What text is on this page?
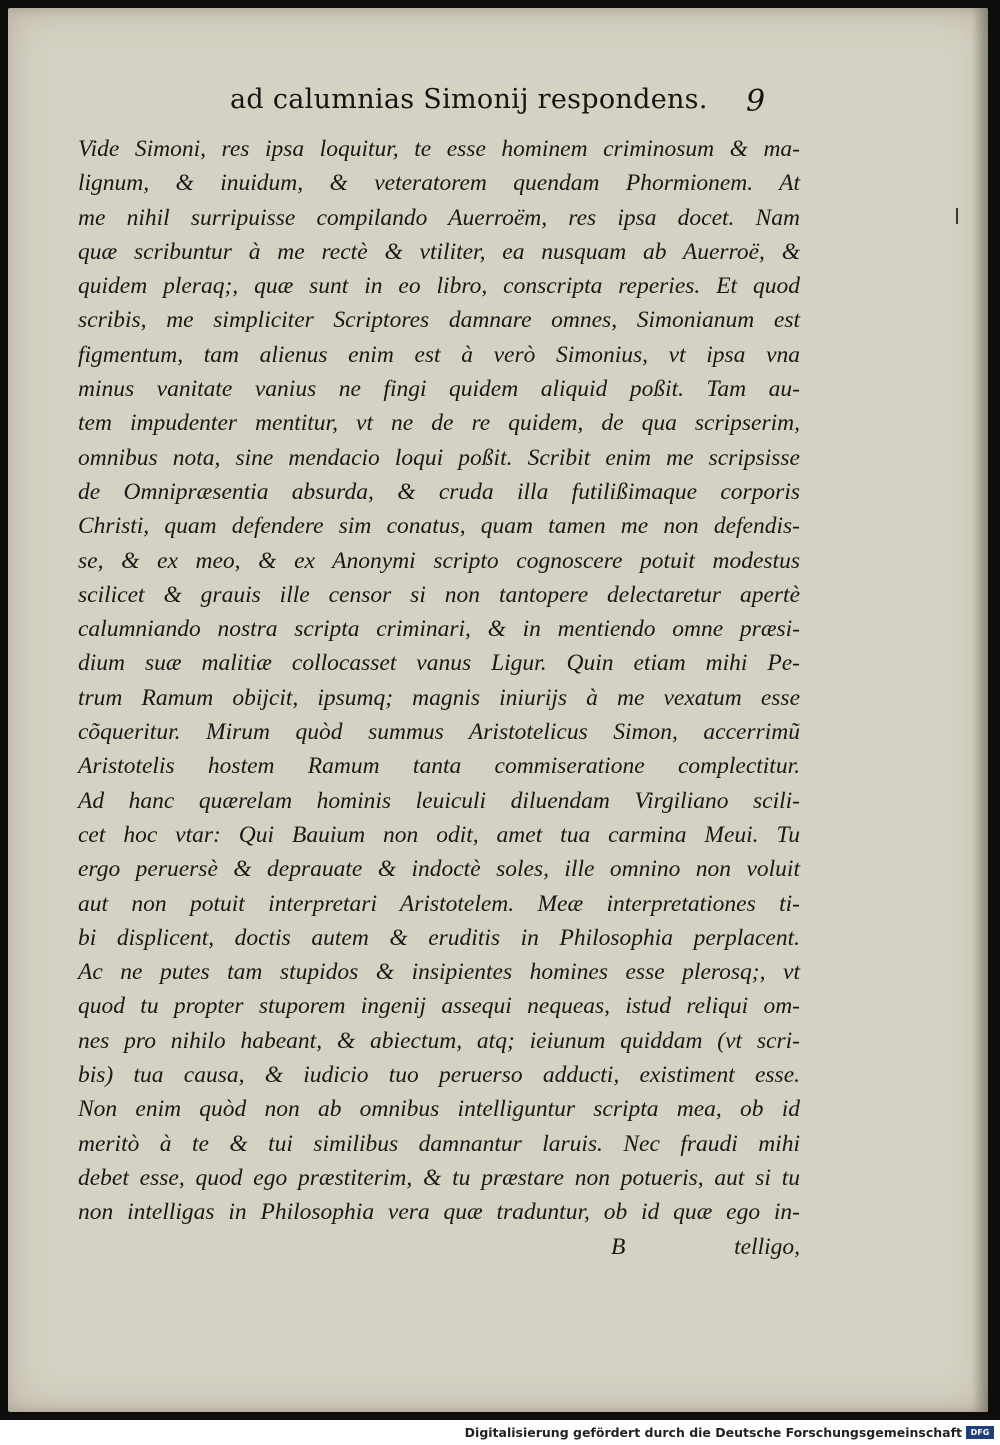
ad calumnias Simonij respondens. 9
Vide Simoni, res ipsa loquitur, te esse hominem criminosum & ma-
lignum, & inuidum, & veteratorem quendam Phormionem. At
me nihil surripuisse compilando Auerroëm, res ipsa docet. Nam
quæ scribuntur à me rectè & vtiliter, ea nusquam ab Auerroë, &
quidem pleraq;, quæ sunt in eo libro, conscripta reperies. Et quod
scribis, me simpliciter Scriptores damnare omnes, Simonianum est
figmentum, tam alienus enim est à verò Simonius, vt ipsa vna
minus vanitate vanius ne fingi quidem aliquid poßit. Tam au-
tem impudenter mentitur, vt ne de re quidem, de qua scripserim,
omnibus nota, sine mendacio loqui poßit. Scribit enim me scripsisse
de Omnipræsentia absurda, & cruda illa futilißimaque corporis
Christi, quam defendere sim conatus, quam tamen me non defendis-
se, & ex meo, & ex Anonymi scripto cognoscere potuit modestus
scilicet & grauis ille censor si non tantopere delectaretur apertè
calumniando nostra scripta criminari, & in mentiendo omne præsi-
dium suæ malitiæ collocasset vanus Ligur. Quin etiam mihi Pe-
trum Ramum obijcit, ipsumq; magnis iniurijs à me vexatum esse
cõqueritur. Mirum quòd summus Aristotelicus Simon, accerrimũ
Aristotelis hostem Ramum tanta commiseratione complectitur.
Ad hanc quærelam hominis leuiculi diluendam Virgiliano scili-
cet hoc vtar: Qui Bauium non odit, amet tua carmina Meui. Tu
ergo peruersè & deprauate & indoctè soles, ille omnino non voluit
aut non potuit interpretari Aristotelem. Meæ interpretationes ti-
bi displicent, doctis autem & eruditis in Philosophia perplacent.
Ac ne putes tam stupidos & insipientes homines esse plerosq;, vt
quod tu propter stuporem ingenij assequi nequeas, istud reliqui om-
nes pro nihilo habeant, & abiectum, atq; ieiunum quiddam (vt scri-
bis) tua causa, & iudicio tuo peruerso adducti, existiment esse.
Non enim quòd non ab omnibus intelliguntur scripta mea, ob id
meritò à te & tui similibus damnantur laruis. Nec fraudi mihi
debet esse, quod ego præstiterim, & tu præstare non potueris, aut si tu
non intelligas in Philosophia vera quæ traduntur, ob id quæ ego in-
B	telligo,
Digitalisierung gefördert durch die Deutsche Forschungsgemeinschaft	DFG
